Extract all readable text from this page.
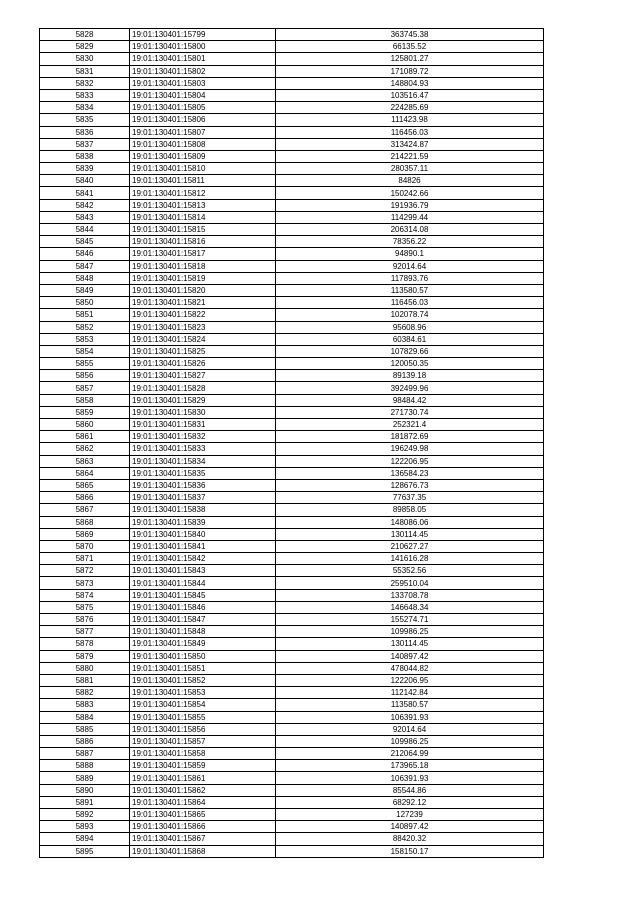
5828	19:01:130401:15799	363745.38
5829	19:01:130401:15800	66135.52
5830	19:01:130401:15801	125801.27
5831	19:01:130401:15802	171089.72
5832	19:01:130401:15803	148804.93
5833	19:01:130401:15804	103516.47
5834	19:01:130401:15805	224285.69
5835	19:01:130401:15806	111423.98
5836	19:01:130401:15807	116456.03
5837	19:01:130401:15808	313424.87
5838	19:01:130401:15809	214221.59
5839	19:01:130401:15810	280357.11
5840	19:01:130401:15811	84826
5841	19:01:130401:15812	150242.66
5842	19:01:130401:15813	191936.79
5843	19:01:130401:15814	114299.44
5844	19:01:130401:15815	206314.08
5845	19:01:130401:15816	78356.22
5846	19:01:130401:15817	94890.1
5847	19:01:130401:15818	92014.64
5848	19:01:130401:15819	117893.76
5849	19:01:130401:15820	113580.57
5850	19:01:130401:15821	116456.03
5851	19:01:130401:15822	102078.74
5852	19:01:130401:15823	95608.96
5853	19:01:130401:15824	60384.61
5854	19:01:130401:15825	107829.66
5855	19:01:130401:15826	120050.35
5856	19:01:130401:15827	89139.18
5857	19:01:130401:15828	392499.96
5858	19:01:130401:15829	98484.42
5859	19:01:130401:15830	271730.74
5860	19:01:130401:15831	252321.4
5861	19:01:130401:15832	181872.69
5862	19:01:130401:15833	196249.98
5863	19:01:130401:15834	122206.95
5864	19:01:130401:15835	136584.23
5865	19:01:130401:15836	128676.73
5866	19:01:130401:15837	77637.35
5867	19:01:130401:15838	89858.05
5868	19:01:130401:15839	148086.06
5869	19:01:130401:15840	130114.45
5870	19:01:130401:15841	210627.27
5871	19:01:130401:15842	141616.28
5872	19:01:130401:15843	55352.56
5873	19:01:130401:15844	259510.04
5874	19:01:130401:15845	133708.78
5875	19:01:130401:15846	146648.34
5876	19:01:130401:15847	155274.71
5877	19:01:130401:15848	109986.25
5878	19:01:130401:15849	130114.45
5879	19:01:130401:15850	140897.42
5880	19:01:130401:15851	478044.82
5881	19:01:130401:15852	122206.95
5882	19:01:130401:15853	112142.84
5883	19:01:130401:15854	113580.57
5884	19:01:130401:15855	106391.93
5885	19:01:130401:15856	92014.64
5886	19:01:130401:15857	109986.25
5887	19:01:130401:15858	212064.99
5888	19:01:130401:15859	173965.18
5889	19:01:130401:15861	106391.93
5890	19:01:130401:15862	85544.86
5891	19:01:130401:15864	68292.12
5892	19:01:130401:15865	127239
5893	19:01:130401:15866	140897.42
5894	19:01:130401:15867	88420.32
5895	19:01:130401:15868	158150.17
